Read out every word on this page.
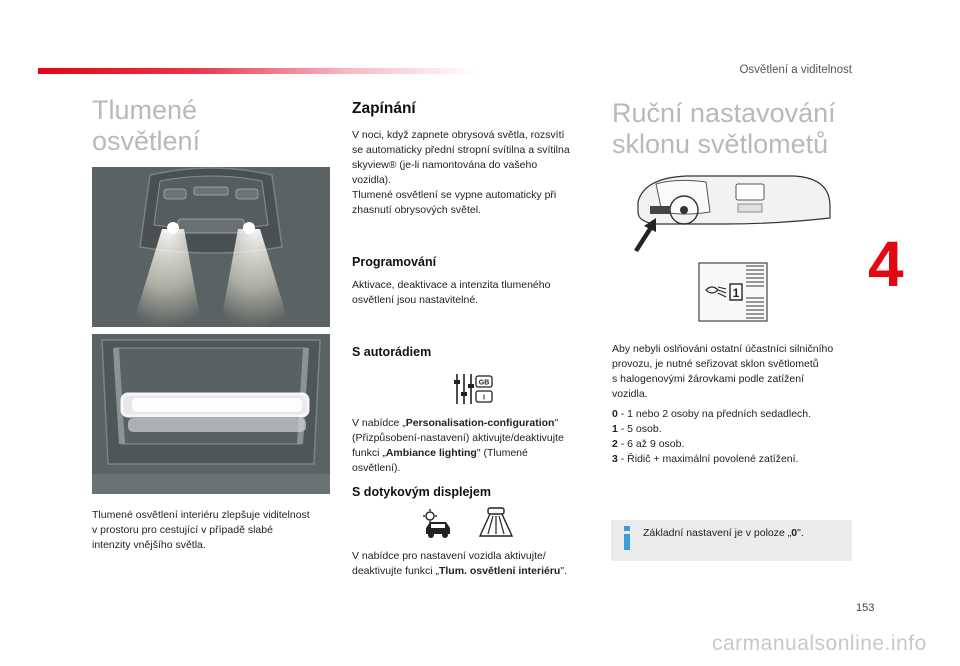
Osvětlení a viditelnost
4
Tlumené
osvětlení
Tlumené osvětlení interiéru zlepšuje viditelnost
v prostoru pro cestující v případě slabé
intenzity vnějšího světla.
Zapínání
V noci, když zapnete obrysová světla, rozsvítí
se automaticky přední stropní svítilna a svítilna
skyview® (je-li namontována do vašeho
vozidla).
Tlumené osvětlení se vypne automaticky při
zhasnutí obrysových světel.
Programování
Aktivace, deaktivace a intenzita tlumeného
osvětlení jsou nastavitelné.
S autorádiem
GB
I
V nabídce „Personalisation-configuration"
(Přizpůsobení-nastavení) aktivujte/deaktivujte
funkci „Ambiance lighting" (Tlumené
osvětlení).
S dotykovým displejem
V nabídce pro nastavení vozidla aktivujte/
deaktivujte funkci „Tlum. osvětlení interiéru".
Ruční nastavování
sklonu světlometů
1
Aby nebyli oslňováni ostatní účastníci silničního
provozu, je nutné seřizovat sklon světlometů
s halogenovými žárovkami podle zatížení
vozidla.
0 - 1 nebo 2 osoby na předních sedadlech.
1 - 5 osob.
2 - 6 až 9 osob.
3 - Řidič + maximální povolené zatížení.
Základní nastavení je v poloze „0".
153
carmanualsonline.info
